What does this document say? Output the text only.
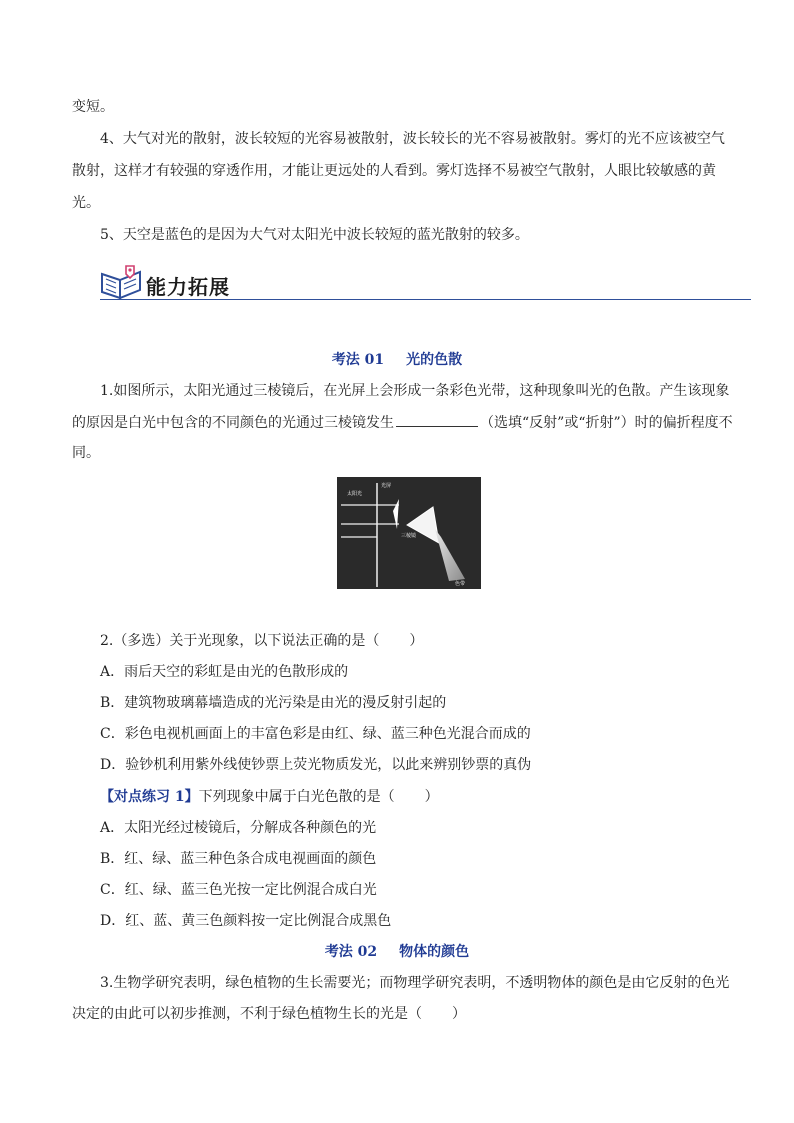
变短。
4、大气对光的散射，波长较短的光容易被散射，波长较长的光不容易被散射。雾灯的光不应该被空气
散射，这样才有较强的穿透作用，才能让更远处的人看到。雾灯选择不易被空气散射，人眼比较敏感的黄
光。
5、天空是蓝色的是因为大气对太阳光中波长较短的蓝光散射的较多。
能力拓展
考法 01 光的色散
1.如图所示，太阳光通过三棱镜后，在光屏上会形成一条彩色光带，这种现象叫光的色散。产生该现象
的原因是白光中包含的不同颜色的光通过三棱镜发生	（选填“反射”或“折射”）时的偏折程度不
同。
太阳光
光屏
三棱镜
色带
2.（多选）关于光现象，以下说法正确的是（ ）
A．雨后天空的彩虹是由光的色散形成的
B．建筑物玻璃幕墙造成的光污染是由光的漫反射引起的
C．彩色电视机画面上的丰富色彩是由红、绿、蓝三种色光混合而成的
D．验钞机利用紫外线使钞票上荧光物质发光，以此来辨别钞票的真伪
【对点练习 1】下列现象中属于白光色散的是（ ）
A．太阳光经过棱镜后，分解成各种颜色的光
B．红、绿、蓝三种色条合成电视画面的颜色
C．红、绿、蓝三色光按一定比例混合成白光
D．红、蓝、黄三色颜料按一定比例混合成黑色
考法 02 物体的颜色
3.生物学研究表明，绿色植物的生长需要光；而物理学研究表明，不透明物体的颜色是由它反射的色光
决定的由此可以初步推测，不利于绿色植物生长的光是（ ）
